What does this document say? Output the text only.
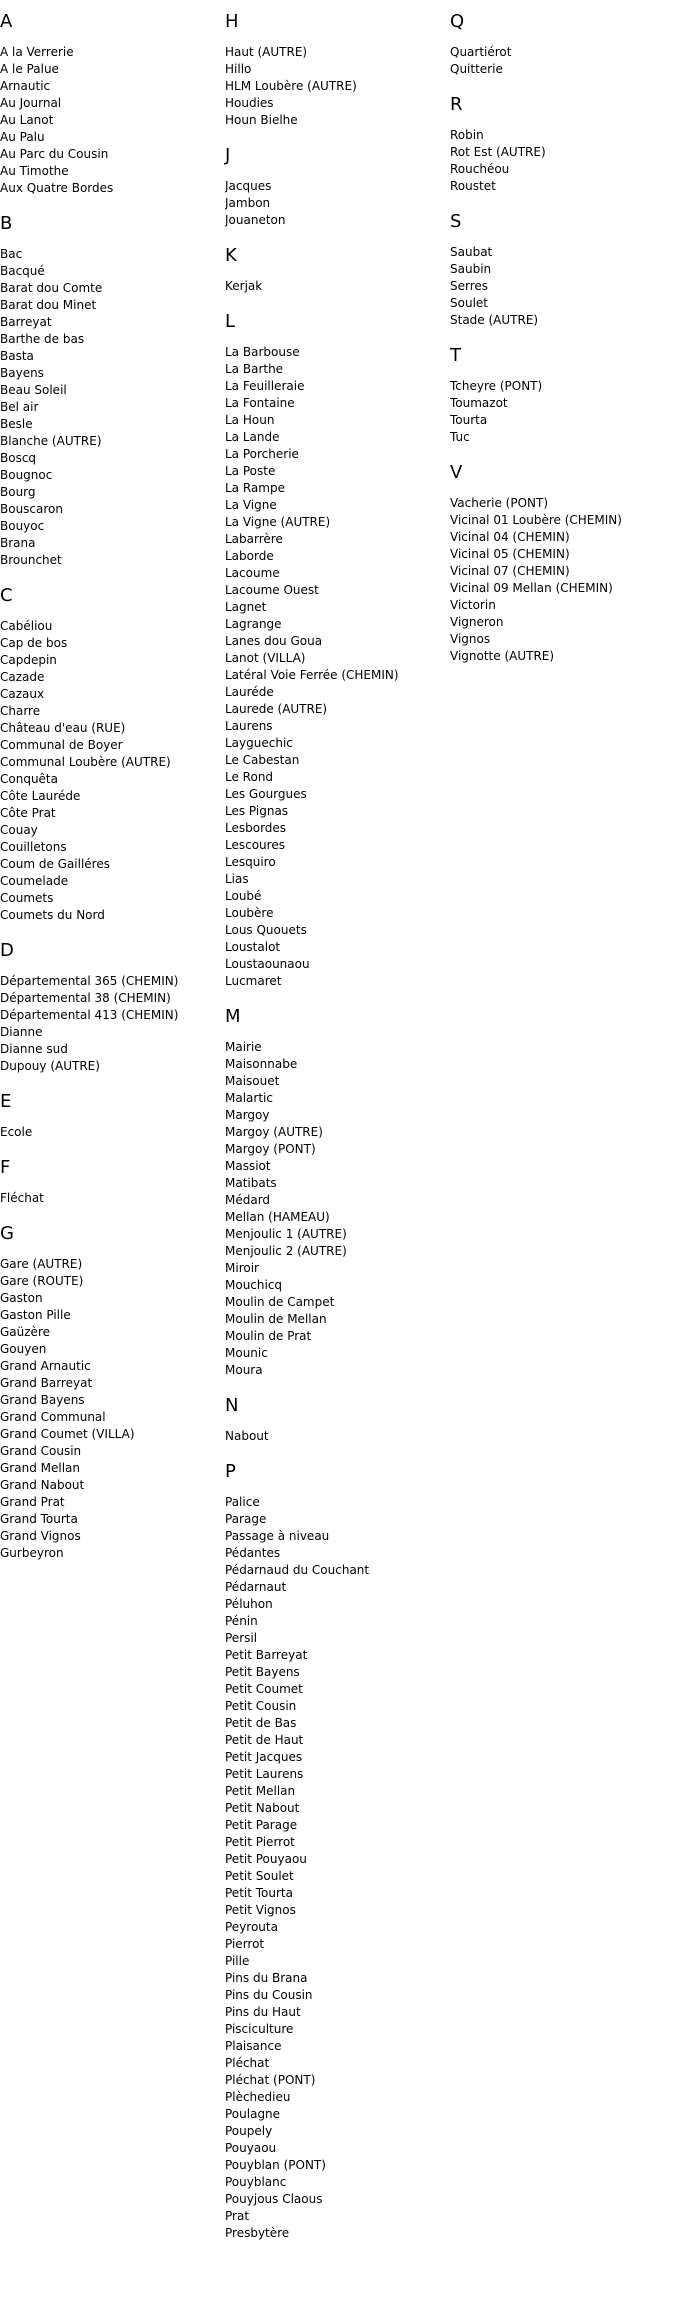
A
A la Verrerie
A le Palue
Arnautic
Au Journal
Au Lanot
Au Palu
Au Parc du Cousin
Au Timothe
Aux Quatre Bordes
B
Bac
Bacqué
Barat dou Comte
Barat dou Minet
Barreyat
Barthe de bas
Basta
Bayens
Beau Soleil
Bel air
Besle
Blanche (AUTRE)
Boscq
Bougnoc
Bourg
Bouscaron
Bouyoc
Brana
Brounchet
C
Cabéliou
Cap de bos
Capdepin
Cazade
Cazaux
Charre
Château d'eau (RUE)
Communal de Boyer
Communal Loubère (AUTRE)
Conquêta
Côte Lauréde
Côte Prat
Couay
Couilletons
Coum de Gailléres
Coumelade
Coumets
Coumets du Nord
D
Départemental 365 (CHEMIN)
Départemental 38 (CHEMIN)
Départemental 413 (CHEMIN)
Dianne
Dianne sud
Dupouy (AUTRE)
E
Ecole
F
Fléchat
G
Gare (AUTRE)
Gare (ROUTE)
Gaston
Gaston Pille
Gaüzère
Gouyen
Grand Arnautic
Grand Barreyat
Grand Bayens
Grand Communal
Grand Coumet (VILLA)
Grand Cousin
Grand Mellan
Grand Nabout
Grand Prat
Grand Tourta
Grand Vignos
Gurbeyron
H
Haut (AUTRE)
Hillo
HLM Loubère (AUTRE)
Houdies
Houn Bielhe
J
Jacques
Jambon
Jouaneton
K
Kerjak
L
La Barbouse
La Barthe
La Feuilleraie
La Fontaine
La Houn
La Lande
La Porcherie
La Poste
La Rampe
La Vigne
La Vigne (AUTRE)
Labarrère
Laborde
Lacoume
Lacoume Ouest
Lagnet
Lagrange
Lanes dou Goua
Lanot (VILLA)
Latéral Voie Ferrée (CHEMIN)
Lauréde
Laurede (AUTRE)
Laurens
Layguechic
Le Cabestan
Le Rond
Les Gourgues
Les Pignas
Lesbordes
Lescoures
Lesquiro
Lias
Loubé
Loubère
Lous Quouets
Loustalot
Loustaounaou
Lucmaret
M
Mairie
Maisonnabe
Maisouet
Malartic
Margoy
Margoy (AUTRE)
Margoy (PONT)
Massiot
Matibats
Médard
Mellan (HAMEAU)
Menjoulic 1 (AUTRE)
Menjoulic 2 (AUTRE)
Miroir
Mouchicq
Moulin de Campet
Moulin de Mellan
Moulin de Prat
Mounic
Moura
N
Nabout
P
Palice
Parage
Passage à niveau
Pédantes
Pédarnaud du Couchant
Pédarnaut
Péluhon
Pénin
Persil
Petit Barreyat
Petit Bayens
Petit Coumet
Petit Cousin
Petit de Bas
Petit de Haut
Petit Jacques
Petit Laurens
Petit Mellan
Petit Nabout
Petit Parage
Petit Pierrot
Petit Pouyaou
Petit Soulet
Petit Tourta
Petit Vignos
Peyrouta
Pierrot
Pille
Pins du Brana
Pins du Cousin
Pins du Haut
Pisciculture
Plaisance
Pléchat
Pléchat (PONT)
Plèchedieu
Poulagne
Poupely
Pouyaou
Pouyblan (PONT)
Pouyblanc
Pouyjous Claous
Prat
Presbytère
Q
Quartiérot
Quitterie
R
Robin
Rot Est (AUTRE)
Rouchéou
Roustet
S
Saubat
Saubin
Serres
Soulet
Stade (AUTRE)
T
Tcheyre (PONT)
Toumazot
Tourta
Tuc
V
Vacherie (PONT)
Vicinal 01 Loubère (CHEMIN)
Vicinal 04 (CHEMIN)
Vicinal 05 (CHEMIN)
Vicinal 07 (CHEMIN)
Vicinal 09 Mellan (CHEMIN)
Victorin
Vigneron
Vignos
Vignotte (AUTRE)
